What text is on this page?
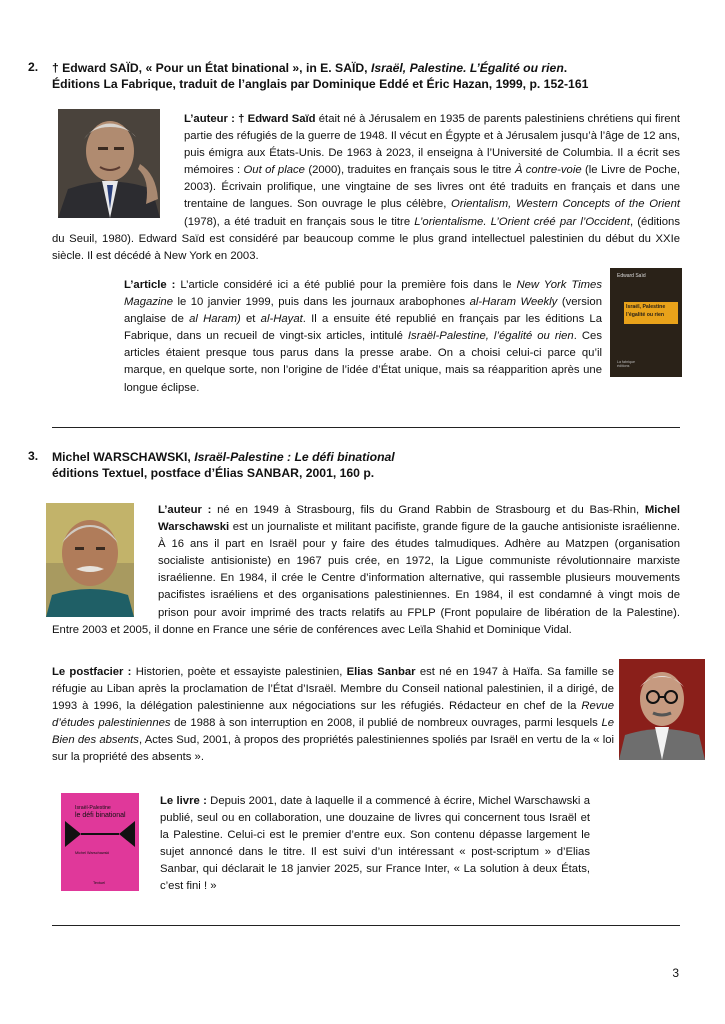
2. † Edward SAÏD, « Pour un État binational », in E. SAÏD, Israël, Palestine. L’Égalité ou rien.
Éditions La Fabrique, traduit de l’anglais par Dominique Eddé et Éric Hazan, 1999, p. 152-161
L’auteur : † Edward Saïd était né à Jérusalem en 1935 de parents palestiniens chrétiens qui firent partie des réfugiés de la guerre de 1948. Il vécut en Égypte et à Jérusalem jusqu’à l’âge de 12 ans, puis émigra aux États-Unis. De 1963 à 2023, il enseigna à l’Université de Columbia. Il a écrit ses mémoires : Out of place (2000), traduites en français sous le titre À contre-voie (le Livre de Poche, 2003). Écrivain prolifique, une vingtaine de ses livres ont été traduits en français et dans une trentaine de langues. Son ouvrage le plus célèbre, Orientalism, Western Concepts of the Orient (1978), a été traduit en français sous le titre L’orientalisme. L’Orient créé par l’Occident, (éditions du Seuil, 1980). Edward Saïd est considéré par beaucoup comme le plus grand intellectuel palestinien du début du XXIe siècle. Il est décédé à New York en 2003.
L’article : L’article considéré ici a été publié pour la première fois dans le New York Times Magazine le 10 janvier 1999, puis dans les journaux arabophones al-Haram Weekly (version anglaise de al Haram) et al-Hayat. Il a ensuite été republié en français par les éditions La Fabrique, dans un recueil de vingt-six articles, intitulé Israël-Palestine, l’égalité ou rien. Ces articles étaient presque tous parus dans la presse arabe. On a choisi celui-ci parce qu’il marque, en quelque sorte, non l’origine de l’idée d’État unique, mais sa réapparition après une longue éclipse.
Edward Saïd
Israël, Palestine
l’égalité ou rien
La fabrique éditions
3. Michel WARSCHAWSKI, Israël-Palestine : Le défi binational
éditions Textuel, postface d’Élias SANBAR, 2001, 160 p.
L’auteur : né en 1949 à Strasbourg, fils du Grand Rabbin de Strasbourg et du Bas-Rhin, Michel Warschawski est un journaliste et militant pacifiste, grande figure de la gauche antisioniste israélienne. À 16 ans il part en Israël pour y faire des études talmudiques. Adhère au Matzpen (organisation socialiste antisioniste) en 1967 puis crée, en 1972, la Ligue communiste révolutionnaire marxiste israélienne. En 1984, il crée le Centre d’information alternative, qui rassemble plusieurs mouvements pacifistes israéliens et des organisations palestiniennes. En 1984, il est condamné à vingt mois de prison pour avoir imprimé des tracts relatifs au FPLP (Front populaire de libération de la Palestine). Entre 2003 et 2005, il donne en France une série de conférences avec Leïla Shahid et Dominique Vidal.
Le postfacier : Historien, poète et essayiste palestinien, Elias Sanbar est né en 1947 à Haïfa. Sa famille se réfugie au Liban après la proclamation de l’État d’Israël. Membre du Conseil national palestinien, il a dirigé, de 1993 à 1996, la délégation palestinienne aux négociations sur les réfugiés. Rédacteur en chef de la Revue d’études palestiniennes de 1988 à son interruption en 2008, il publié de nombreux ouvrages, parmi lesquels Le Bien des absents, Actes Sud, 2001, à propos des propriétés palestiniennes spoliés par Israël en vertu de la « loi sur la propriété des absents ».
Israël-Palestine
le défi binational
Michel Warschawski
Textuel
Le livre : Depuis 2001, date à laquelle il a commencé à écrire, Michel Warschawski a publié, seul ou en collaboration, une douzaine de livres qui concernent tous Israël et la Palestine. Celui-ci est le premier d’entre eux. Son contenu dépasse largement le sujet annoncé dans le titre. Il est suivi d’un intéressant « post-scriptum » d’Elias Sanbar, qui déclarait le 18 janvier 2025, sur France Inter, « La solution à deux États, c’est fini ! »
3
